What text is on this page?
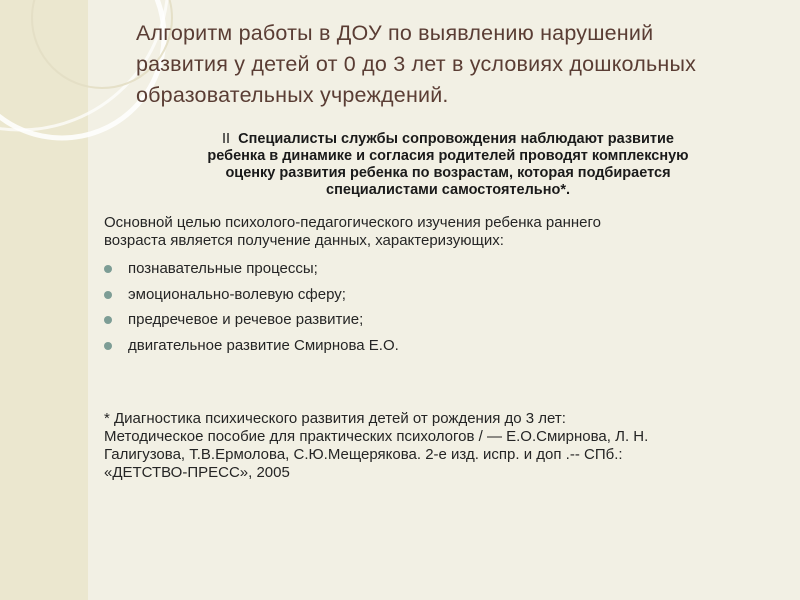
Алгоритм работы в ДОУ по выявлению нарушений
развития у детей от 0 до 3 лет в условиях дошкольных
образовательных учреждений.
II Специалисты службы сопровождения наблюдают развитие
ребенка в динамике и согласия родителей проводят комплексную
оценку развития ребенка по возрастам, которая подбирается
специалистами самостоятельно*.
Основной целью психолого-педагогического изучения ребенка раннего
возраста является получение данных, характеризующих:
познавательные процессы;
эмоционально-волевую сферу;
предречевое и речевое развитие;
двигательное развитие Смирнова Е.О.
* Диагностика психического развития детей от рождения до 3 лет:
Методическое пособие для практических психологов / — Е.О.Смирнова, Л. Н.
Галигузова, Т.В.Ермолова, С.Ю.Мещерякова. 2-е изд. испр. и доп .-- СПб.:
«ДЕТСТВО-ПРЕСС», 2005
